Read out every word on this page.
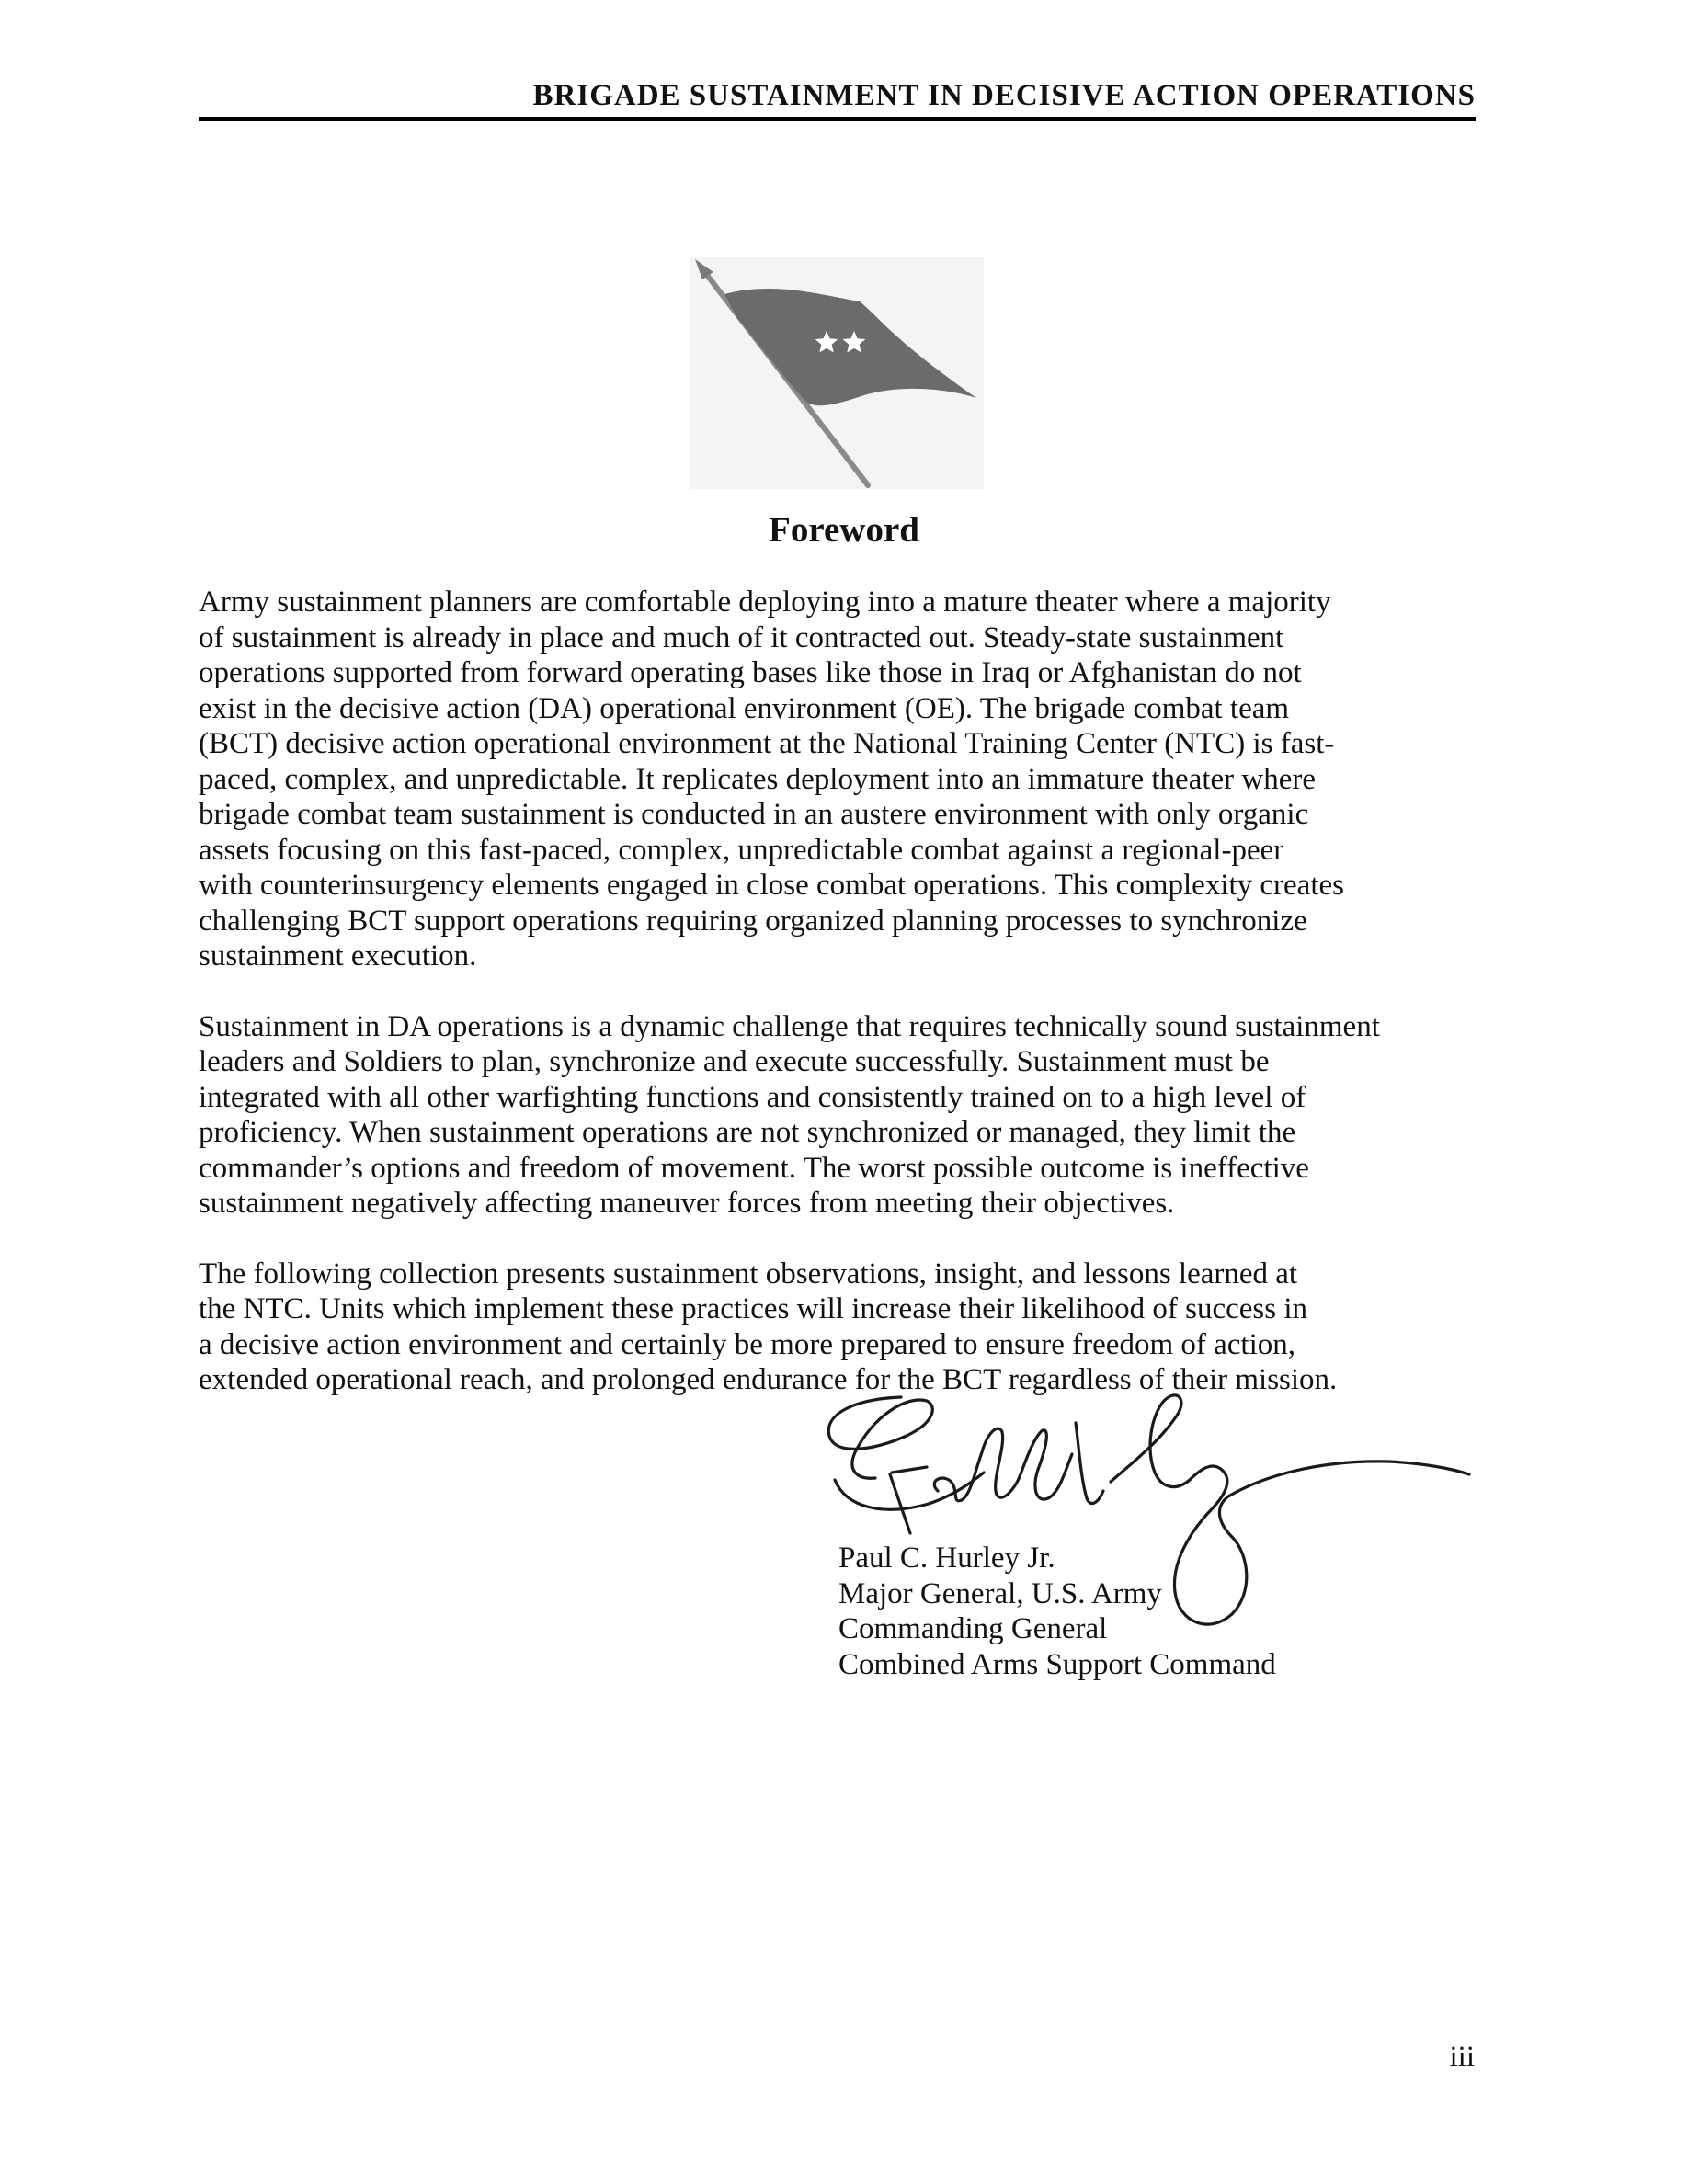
BRIGADE SUSTAINMENT IN DECISIVE ACTION OPERATIONS
Foreword

Army sustainment planners are comfortable deploying into a mature theater where a majority
of sustainment is already in place and much of it contracted out. Steady-state sustainment
operations supported from forward operating bases like those in Iraq or Afghanistan do not
exist in the decisive action (DA) operational environment (OE). The brigade combat team
(BCT) decisive action operational environment at the National Training Center (NTC) is fast-
paced, complex, and unpredictable. It replicates deployment into an immature theater where
brigade combat team sustainment is conducted in an austere environment with only organic
assets focusing on this fast-paced, complex, unpredictable combat against a regional-peer
with counterinsurgency elements engaged in close combat operations. This complexity creates
challenging BCT support operations requiring organized planning processes to synchronize
sustainment execution.

Sustainment in DA operations is a dynamic challenge that requires technically sound sustainment
leaders and Soldiers to plan, synchronize and execute successfully. Sustainment must be
integrated with all other warfighting functions and consistently trained on to a high level of
proficiency. When sustainment operations are not synchronized or managed, they limit the
commander’s options and freedom of movement. The worst possible outcome is ineffective
sustainment negatively affecting maneuver forces from meeting their objectives.

The following collection presents sustainment observations, insight, and lessons learned at
the NTC. Units which implement these practices will increase their likelihood of success in
a decisive action environment and certainly be more prepared to ensure freedom of action,
extended operational reach, and prolonged endurance for the BCT regardless of their mission.

Paul C. Hurley Jr.
Major General, U.S. Army
Commanding General
Combined Arms Support Command
iii
